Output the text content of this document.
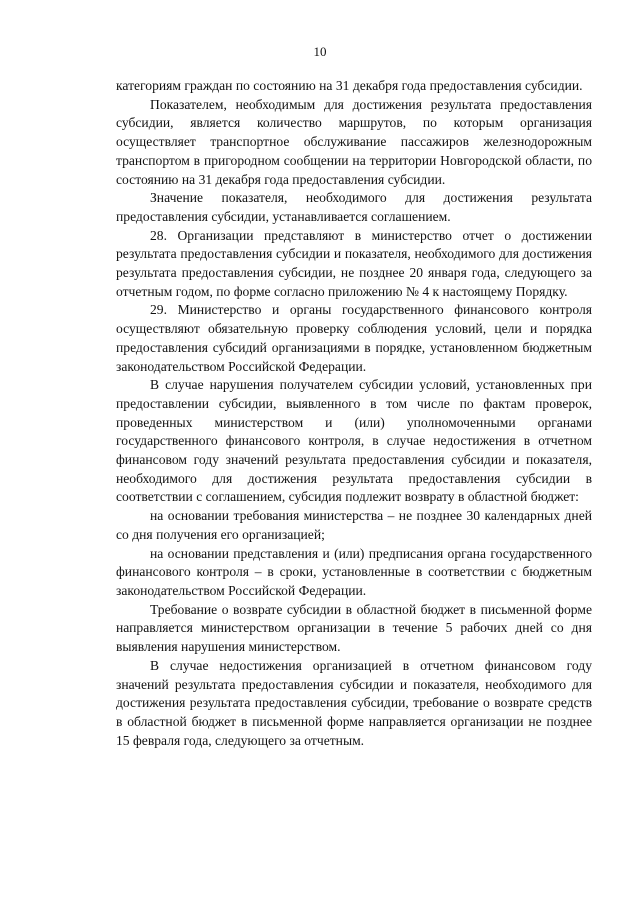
10

категориям граждан по состоянию на 31 декабря года предоставления субсидии.

Показателем, необходимым для достижения результата предоставления субсидии, является количество маршрутов, по которым организация осуществляет транспортное обслуживание пассажиров железнодорожным транспортом в пригородном сообщении на территории Новгородской области, по состоянию на 31 декабря года предоставления субсидии.

Значение показателя, необходимого для достижения результата предоставления субсидии, устанавливается соглашением.

28. Организации представляют в министерство отчет о достижении результата предоставления субсидии и показателя, необходимого для достижения результата предоставления субсидии, не позднее 20 января года, следующего за отчетным годом, по форме согласно приложению № 4 к настоящему Порядку.

29. Министерство и органы государственного финансового контроля осуществляют обязательную проверку соблюдения условий, цели и порядка предоставления субсидий организациями в порядке, установленном бюджетным законодательством Российской Федерации.

В случае нарушения получателем субсидии условий, установленных при предоставлении субсидии, выявленного в том числе по фактам проверок, проведенных министерством и (или) уполномоченными органами государственного финансового контроля, в случае недостижения в отчетном финансовом году значений результата предоставления субсидии и показателя, необходимого для достижения результата предоставления субсидии в соответствии с соглашением, субсидия подлежит возврату в областной бюджет:

на основании требования министерства – не позднее 30 календарных дней со дня получения его организацией;

на основании представления и (или) предписания органа государственного финансового контроля – в сроки, установленные в соответствии с бюджетным законодательством Российской Федерации.

Требование о возврате субсидии в областной бюджет в письменной форме направляется министерством организации в течение 5 рабочих дней со дня выявления нарушения министерством.

В случае недостижения организацией в отчетном финансовом году значений результата предоставления субсидии и показателя, необходимого для достижения результата предоставления субсидии, требование о возврате средств в областной бюджет в письменной форме направляется организации не позднее 15 февраля года, следующего за отчетным.
